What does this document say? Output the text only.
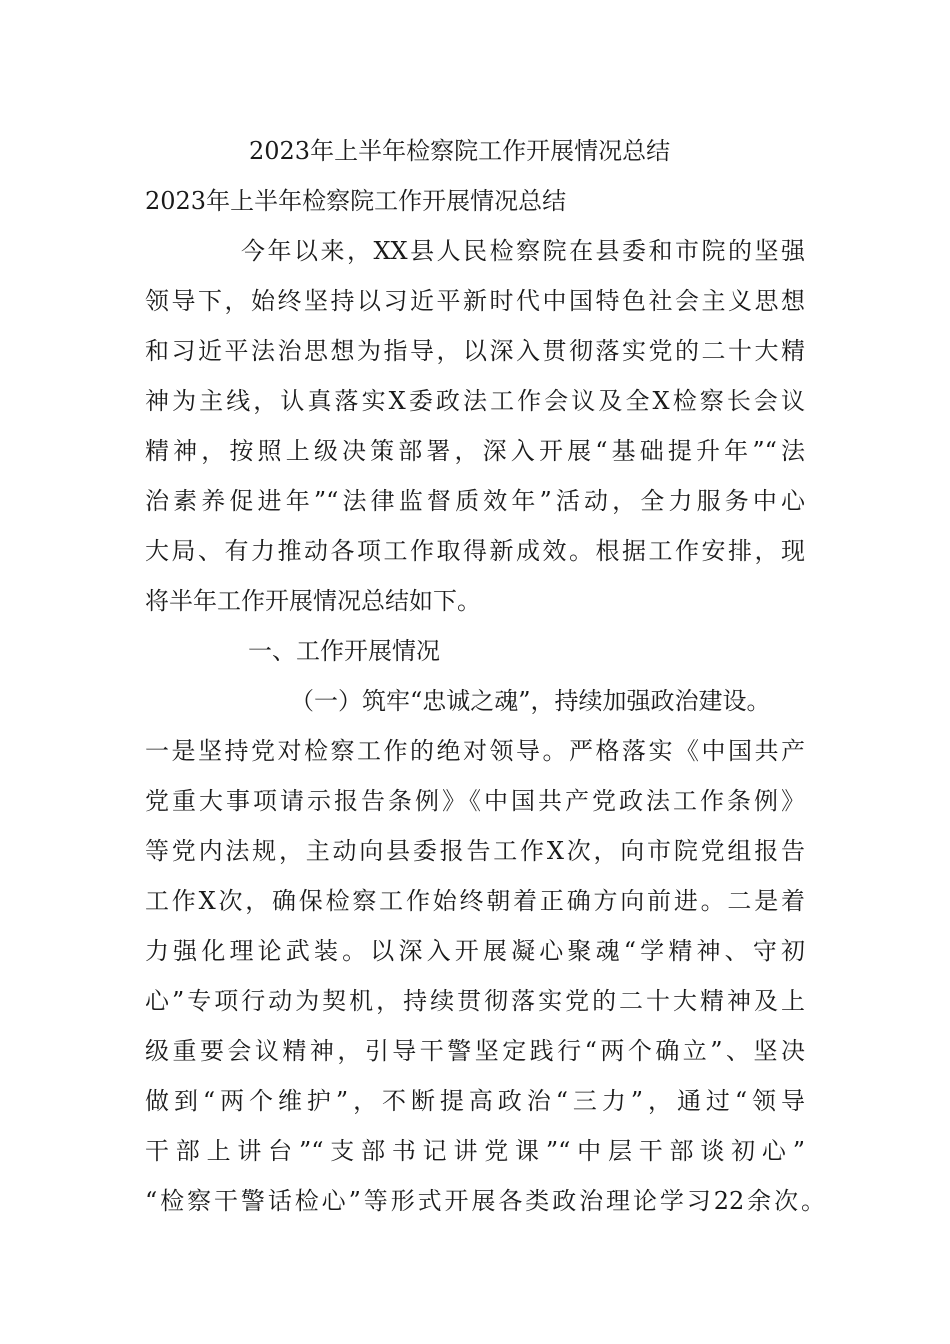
2023年上半年检察院工作开展情况总结
2023年上半年检察院工作开展情况总结
今年以来，XX县人民检察院在县委和市院的坚强
领导下，始终坚持以习近平新时代中国特色社会主义思想
和习近平法治思想为指导，以深入贯彻落实党的二十大精
神为主线，认真落实X委政法工作会议及全X检察长会议
精神，按照上级决策部署，深入开展“基础提升年”“法
治素养促进年”“法律监督质效年”活动，全力服务中心
大局、有力推动各项工作取得新成效。根据工作安排，现
将半年工作开展情况总结如下。
一、工作开展情况
（一）筑牢“忠诚之魂”，持续加强政治建设。
一是坚持党对检察工作的绝对领导。严格落实《中国共产
党重大事项请示报告条例》《中国共产党政法工作条例》
等党内法规，主动向县委报告工作X次，向市院党组报告
工作X次，确保检察工作始终朝着正确方向前进。二是着
力强化理论武装。以深入开展凝心聚魂“学精神、守初
心”专项行动为契机，持续贯彻落实党的二十大精神及上
级重要会议精神，引导干警坚定践行“两个确立”、坚决
做到“两个维护”，不断提高政治“三力”，通过“领导
干部上讲台”“支部书记讲党课”“中层干部谈初心”
“检察干警话检心”等形式开展各类政治理论学习22余次。
